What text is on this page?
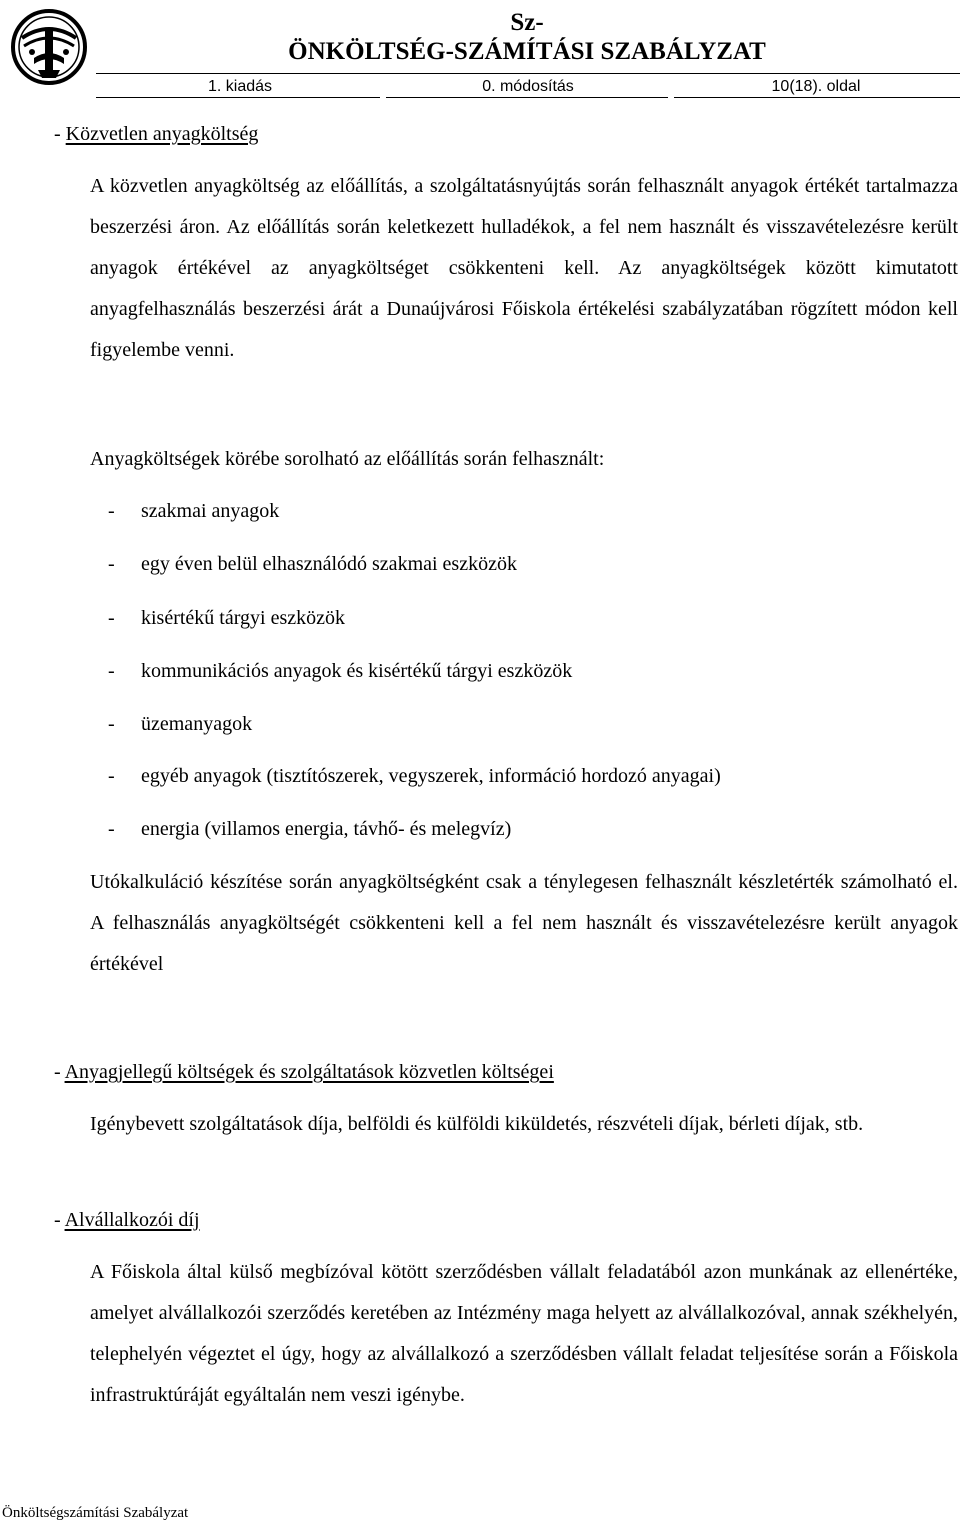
Sz-
ÖNKÖLTSÉG-SZÁMÍTÁSI SZABÁLYZAT
1. kiadás	0. módosítás	10(18). oldal
- Közvetlen anyagköltség
A közvetlen anyagköltség az előállítás, a szolgáltatásnyújtás során felhasznált anyagok értékét tartalmazza beszerzési áron. Az előállítás során keletkezett hulladékok, a fel nem használt és visszavételezésre került anyagok értékével az anyagköltséget csökkenteni kell. Az anyagköltségek között kimutatott anyagfelhasználás beszerzési árát a Dunaújvárosi Főiskola értékelési szabályzatában rögzített módon kell figyelembe venni.
Anyagköltségek körébe sorolható az előállítás során felhasznált:
- szakmai anyagok
- egy éven belül elhasználódó szakmai eszközök
- kisértékű tárgyi eszközök
- kommunikációs anyagok és kisértékű tárgyi eszközök
- üzemanyagok
- egyéb anyagok (tisztítószerek, vegyszerek, információ hordozó anyagai)
- energia (villamos energia, távhő- és melegvíz)
Utókalkuláció készítése során anyagköltségként csak a ténylegesen felhasznált készletérték számolható el. A felhasználás anyagköltségét csökkenteni kell a fel nem használt és visszavételezésre került anyagok értékével
- Anyagjellegű költségek és szolgáltatások közvetlen költségei
Igénybevett szolgáltatások díja, belföldi és külföldi kiküldetés, részvételi díjak, bérleti díjak, stb.
- Alvállalkozói díj
A Főiskola által külső megbízóval kötött szerződésben vállalt feladatából azon munkának az ellenértéke, amelyet alvállalkozói szerződés keretében az Intézmény maga helyett az alvállalkozóval, annak székhelyén, telephelyén végeztet el úgy, hogy az alvállalkozó a szerződésben vállalt feladat teljesítése során a Főiskola infrastruktúráját egyáltalán nem veszi igénybe.
Önköltségszámítási Szabályzat
